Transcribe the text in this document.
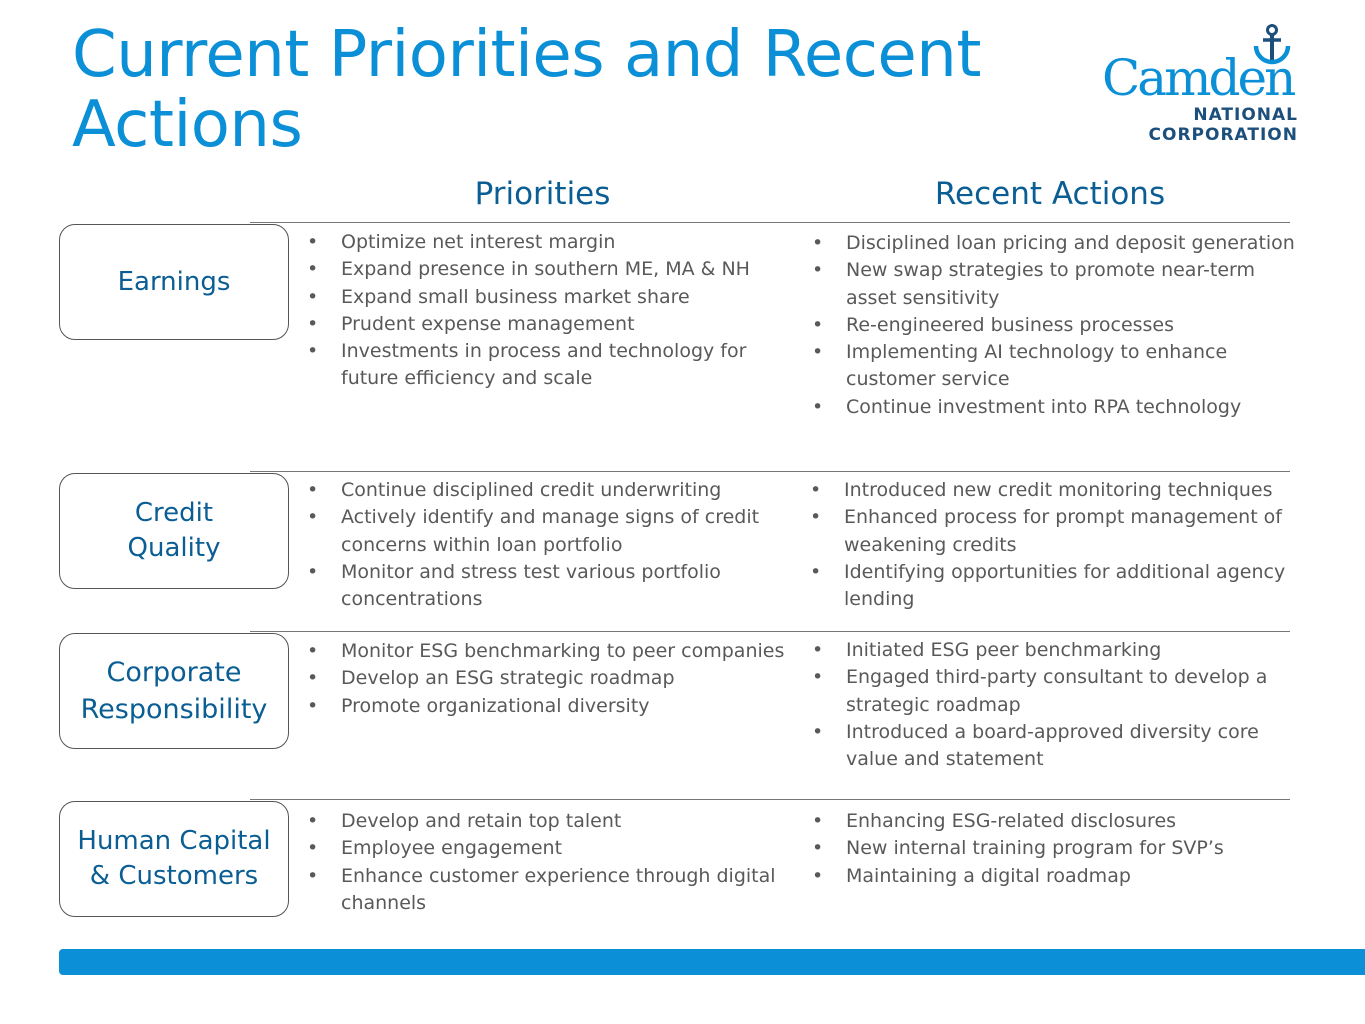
Current Priorities and Recent Actions
Camden
NATIONAL
CORPORATION
Priorities	Recent Actions
Earnings
• Optimize net interest margin
• Expand presence in southern ME, MA & NH
• Expand small business market share
• Prudent expense management
• Investments in process and technology for future efficiency and scale
• Disciplined loan pricing and deposit generation
• New swap strategies to promote near-term asset sensitivity
• Re-engineered business processes
• Implementing AI technology to enhance customer service
• Continue investment into RPA technology
Credit
Quality
• Continue disciplined credit underwriting
• Actively identify and manage signs of credit concerns within loan portfolio
• Monitor and stress test various portfolio concentrations
• Introduced new credit monitoring techniques
• Enhanced process for prompt management of weakening credits
• Identifying opportunities for additional agency lending
Corporate
Responsibility
• Monitor ESG benchmarking to peer companies
• Develop an ESG strategic roadmap
• Promote organizational diversity
• Initiated ESG peer benchmarking
• Engaged third-party consultant to develop a strategic roadmap
• Introduced a board-approved diversity core value and statement
Human Capital
& Customers
• Develop and retain top talent
• Employee engagement
• Enhance customer experience through digital channels
• Enhancing ESG-related disclosures
• New internal training program for SVP’s
• Maintaining a digital roadmap
